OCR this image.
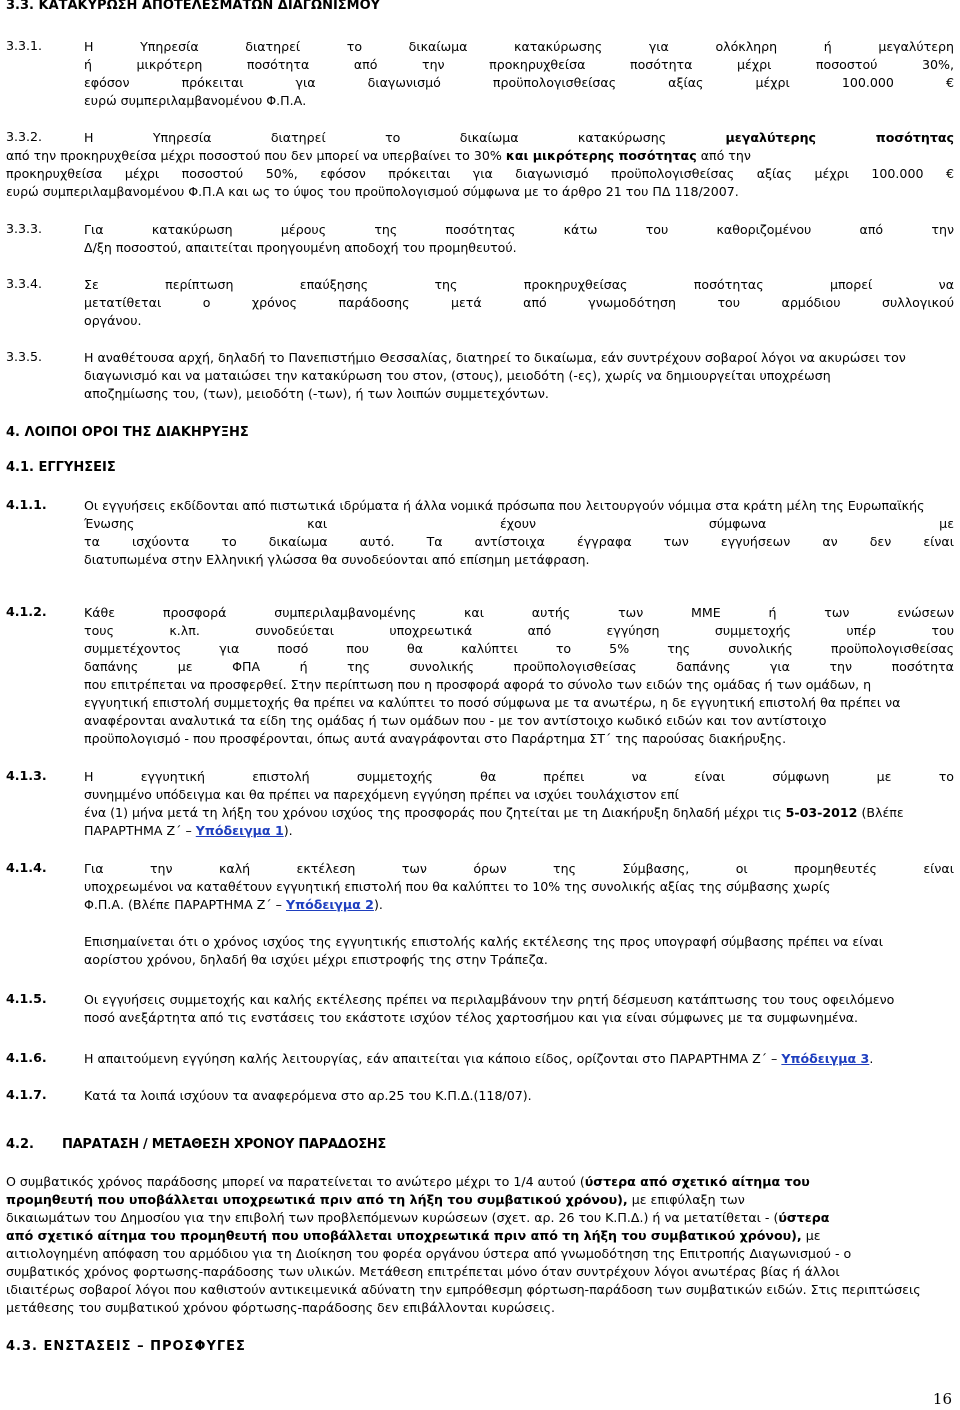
3.3. ΚΑΤΑΚΥΡΩΣΗ ΑΠΟΤΕΛΕΣΜΑΤΩΝ ΔΙΑΓΩΝΙΣΜΟΥ
3.3.1.	Η Υπηρεσία διατηρεί το δικαίωμα κατακύρωσης για ολόκληρη ή μεγαλύτερη
ή μικρότερη ποσότητα από την προκηρυχθείσα ποσότητα μέχρι ποσοστού 30%,
εφόσον πρόκειται για διαγωνισμό προϋπολογισθείσας αξίας μέχρι 100.000 €
ευρώ συμπεριλαμβανομένου Φ.Π.Α.
3.3.2.	Η Υπηρεσία διατηρεί το δικαίωμα κατακύρωσης	μεγαλύτερης ποσότητας
από την προκηρυχθείσα μέχρι ποσοστού που δεν μπορεί να υπερβαίνει το 30% και μικρότερης ποσότητας από την
προκηρυχθείσα μέχρι ποσοστού 50%, εφόσον πρόκειται για διαγωνισμό προϋπολογισθείσας αξίας μέχρι 100.000 €
ευρώ συμπεριλαμβανομένου Φ.Π.Α και ως το ύψος του προϋπολογισμού σύμφωνα με το άρθρο 21 του ΠΔ 118/2007.
3.3.3.	Για κατακύρωση μέρους της ποσότητας κάτω του καθοριζομένου από την
Δ/ξη ποσοστού, απαιτείται προηγουμένη αποδοχή του προμηθευτού.
3.3.4.	Σε περίπτωση επαύξησης της προκηρυχθείσας ποσότητας μπορεί να
μετατίθεται ο χρόνος παράδοσης μετά από γνωμοδότηση του αρμόδιου συλλογικού
οργάνου.
3.3.5.	Η αναθέτουσα αρχή, δηλαδή το Πανεπιστήμιο Θεσσαλίας, διατηρεί το δικαίωμα, εάν συντρέχουν σοβαροί λόγοι να ακυρώσει τον
διαγωνισμό και να ματαιώσει την κατακύρωση του στον, (στους), μειοδότη (-ες), χωρίς να δημιουργείται υποχρέωση
αποζημίωσης του, (των), μειοδότη (-των), ή των λοιπών συμμετεχόντων.
4. ΛΟΙΠΟΙ ΟΡΟΙ ΤΗΣ ΔΙΑΚΗΡΥΞΗΣ
4.1. ΕΓΓΥΗΣΕΙΣ
4.1.1.	Οι εγγυήσεις εκδίδονται από πιστωτικά ιδρύματα ή άλλα νομικά πρόσωπα που λειτουργούν νόμιμα στα κράτη μέλη της Ευρωπαϊκής
Ένωσης και έχουν σύμφωνα με
τα ισχύοντα το δικαίωμα αυτό. Τα αντίστοιχα έγγραφα των εγγυήσεων αν δεν είναι
διατυπωμένα στην Ελληνική γλώσσα θα συνοδεύονται από επίσημη μετάφραση.
4.1.2.	Κάθε προσφορά συμπεριλαμβανομένης και αυτής των ΜΜΕ ή των ενώσεων
τους κ.λπ. συνοδεύεται υποχρεωτικά από εγγύηση συμμετοχής υπέρ του
συμμετέχοντος για ποσό που θα καλύπτει το 5% της συνολικής προϋπολογισθείσας
δαπάνης με ΦΠΑ ή της συνολικής προϋπολογισθείσας δαπάνης για την ποσότητα
που επιτρέπεται να προσφερθεί. Στην περίπτωση που η προσφορά αφορά το σύνολο των ειδών της ομάδας ή των ομάδων, η
εγγυητική επιστολή συμμετοχής θα πρέπει να καλύπτει το ποσό σύμφωνα με τα ανωτέρω, η δε εγγυητική επιστολή θα πρέπει να
αναφέρονται αναλυτικά τα είδη της ομάδας ή των ομάδων που - με τον αντίστοιχο κωδικό ειδών και τον αντίστοιχο
προϋπολογισμό - που προσφέρονται, όπως αυτά αναγράφονται στο Παράρτημα ΣΤ΄ της παρούσας διακήρυξης.
4.1.3.	Η εγγυητική επιστολή συμμετοχής θα πρέπει να είναι σύμφωνη με το
συνημμένο υπόδειγμα και θα πρέπει να παρεχόμενη εγγύηση πρέπει να ισχύει τουλάχιστον επί
ένα (1) μήνα μετά τη λήξη του χρόνου ισχύος της προσφοράς που ζητείται με τη Διακήρυξη δηλαδή μέχρι τις 5-03-2012 (Βλέπε
ΠΑΡΑΡΤΗΜΑ Ζ΄ – Υπόδειγμα 1).
4.1.4.	Για την καλή εκτέλεση των όρων της Σύμβασης, οι προμηθευτές είναι
υποχρεωμένοι να καταθέτουν εγγυητική επιστολή που θα καλύπτει το 10% της συνολικής αξίας της σύμβασης χωρίς
Φ.Π.Α. (Βλέπε ΠΑΡΑΡΤΗΜΑ Ζ΄ – Υπόδειγμα 2).
Επισημαίνεται ότι ο χρόνος ισχύος της εγγυητικής επιστολής καλής εκτέλεσης της προς υπογραφή σύμβασης πρέπει να είναι
αορίστου χρόνου, δηλαδή θα ισχύει μέχρι επιστροφής της στην Τράπεζα.
4.1.5.	Οι εγγυήσεις συμμετοχής και καλής εκτέλεσης πρέπει να περιλαμβάνουν την ρητή δέσμευση κατάπτωσης του τους οφειλόμενο
ποσό ανεξάρτητα από τις ενστάσεις του εκάστοτε ισχύον τέλος χαρτοσήμου και για είναι σύμφωνες με τα συμφωνημένα.
4.1.6.	Η απαιτούμενη εγγύηση καλής λειτουργίας, εάν απαιτείται για κάποιο είδος, ορίζονται στο ΠΑΡΑΡΤΗΜΑ Ζ΄ – Υπόδειγμα 3.
4.1.7.	Κατά τα λοιπά ισχύουν τα αναφερόμενα στο αρ.25 του Κ.Π.Δ.(118/07).
4.2. ΠΑΡΑΤΑΣΗ / ΜΕΤΑΘΕΣΗ ΧΡΟΝΟΥ ΠΑΡΑΔΟΣΗΣ
Ο συμβατικός χρόνος παράδοσης μπορεί να παρατείνεται το ανώτερο μέχρι το 1/4 αυτού (ύστερα από σχετικό αίτημα του
προμηθευτή που υποβάλλεται υποχρεωτικά πριν από τη λήξη του συμβατικού χρόνου), με επιφύλαξη των
δικαιωμάτων του Δημοσίου για την επιβολή των προβλεπόμενων κυρώσεων (σχετ. αρ. 26 του Κ.Π.Δ.) ή να μετατίθεται - (ύστερα
από σχετικό αίτημα του προμηθευτή που υποβάλλεται υποχρεωτικά πριν από τη λήξη του συμβατικού χρόνου), με
αιτιολογημένη απόφαση του αρμόδιου για τη Διοίκηση του φορέα οργάνου ύστερα από γνωμοδότηση της Επιτροπής Διαγωνισμού - ο
συμβατικός χρόνος φορτωσης-παράδοσης των υλικών. Μετάθεση επιτρέπεται μόνο όταν συντρέχουν λόγοι ανωτέρας βίας ή άλλοι
ιδιαιτέρως σοβαροί λόγοι που καθιστούν αντικειμενικά αδύνατη την εμπρόθεσμη φόρτωση-παράδοση των συμβατικών ειδών. Στις περιπτώσεις
μετάθεσης του συμβατικού χρόνου φόρτωσης-παράδοσης δεν επιβάλλονται κυρώσεις.
4.3. ΕΝΣΤΑΣΕΙΣ – ΠΡΟΣΦΥΓΕΣ
16
